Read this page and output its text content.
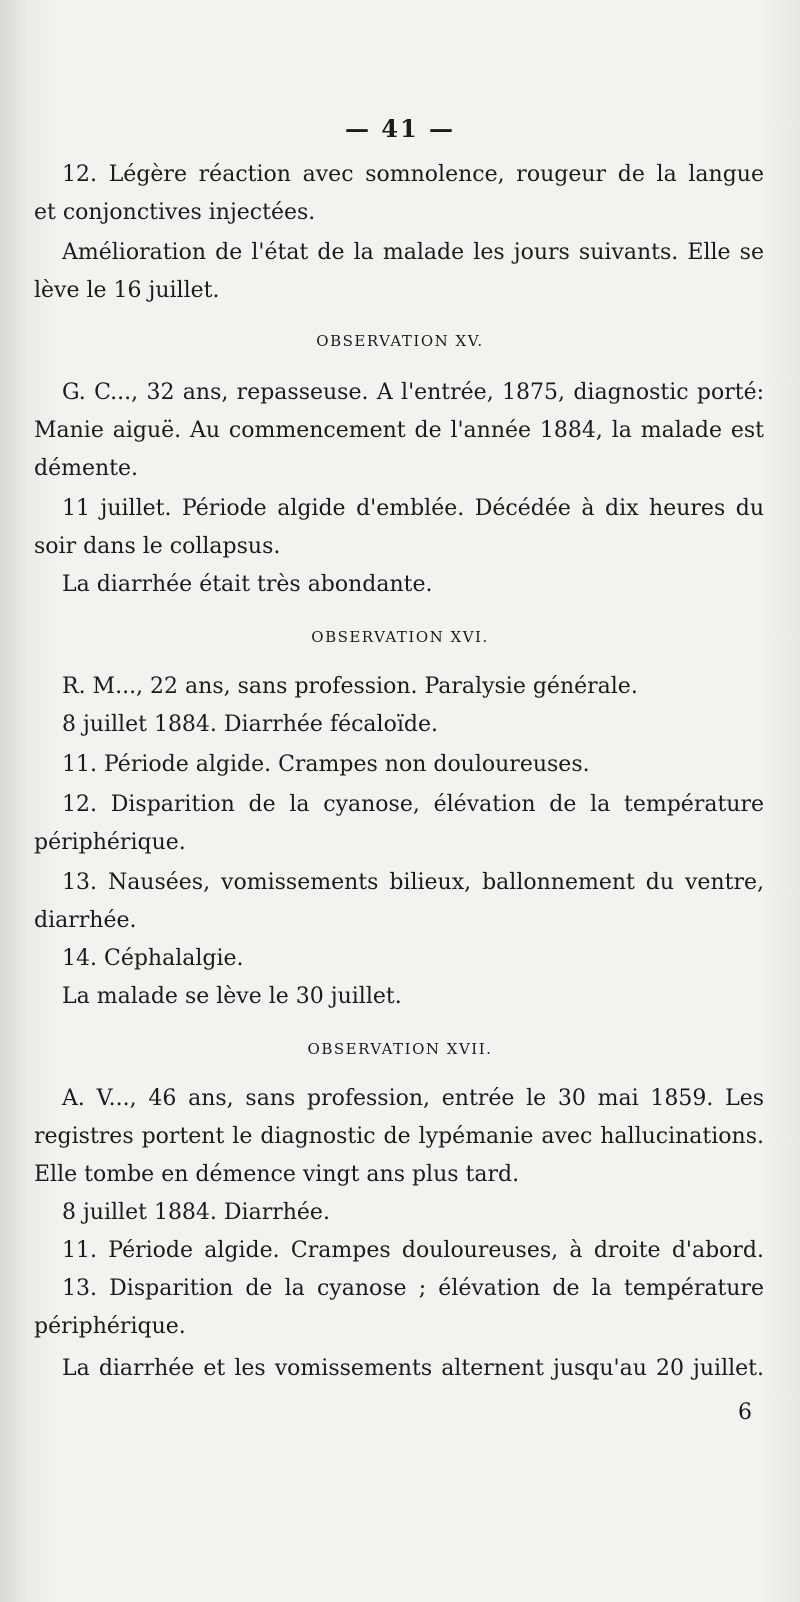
— 41 —
12. Légère réaction avec somnolence, rougeur de la langue
et conjonctives injectées.
Amélioration de l'état de la malade les jours suivants. Elle se
lève le 16 juillet.
OBSERVATION XV.
G. C..., 32 ans, repasseuse. A l'entrée, 1875, diagnostic porté:
Manie aiguë. Au commencement de l'année 1884, la malade est
démente.
11 juillet. Période algide d'emblée. Décédée à dix heures du
soir dans le collapsus.
La diarrhée était très abondante.
OBSERVATION XVI.
R. M..., 22 ans, sans profession. Paralysie générale.
8 juillet 1884. Diarrhée fécaloïde.
11. Période algide. Crampes non douloureuses.
12. Disparition de la cyanose, élévation de la température
périphérique.
13. Nausées, vomissements bilieux, ballonnement du ventre,
diarrhée.
14. Céphalalgie.
La malade se lève le 30 juillet.
OBSERVATION XVII.
A. V..., 46 ans, sans profession, entrée le 30 mai 1859. Les
registres portent le diagnostic de lypémanie avec hallucinations.
Elle tombe en démence vingt ans plus tard.
8 juillet 1884. Diarrhée.
11. Période algide. Crampes douloureuses, à droite d'abord.
13. Disparition de la cyanose ; élévation de la température
périphérique.
La diarrhée et les vomissements alternent jusqu'au 20 juillet.
6
